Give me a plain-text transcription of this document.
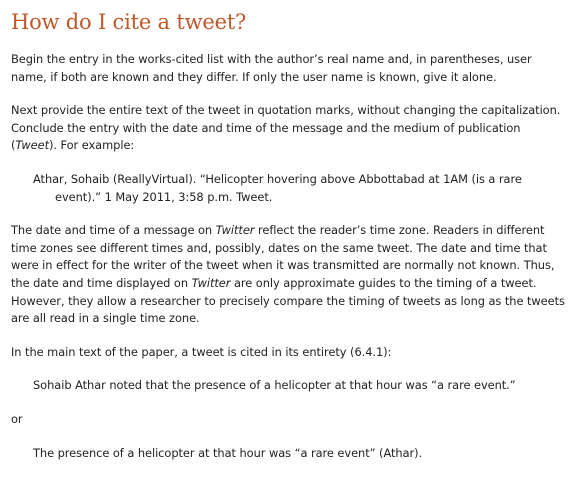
How do I cite a tweet?

Begin the entry in the works-cited list with the author’s real name and, in parentheses, user name, if both are known and they differ. If only the user name is known, give it alone.

Next provide the entire text of the tweet in quotation marks, without changing the capitalization. Conclude the entry with the date and time of the message and the medium of publication (Tweet). For example:

Athar, Sohaib (ReallyVirtual). “Helicopter hovering above Abbottabad at 1AM (is a rare
event).” 1 May 2011, 3:58 p.m. Tweet.

The date and time of a message on Twitter reflect the reader’s time zone. Readers in different time zones see different times and, possibly, dates on the same tweet. The date and time that were in effect for the writer of the tweet when it was transmitted are normally not known. Thus, the date and time displayed on Twitter are only approximate guides to the timing of a tweet. However, they allow a researcher to precisely compare the timing of tweets as long as the tweets are all read in a single time zone.

In the main text of the paper, a tweet is cited in its entirety (6.4.1):

Sohaib Athar noted that the presence of a helicopter at that hour was “a rare event.”

or

The presence of a helicopter at that hour was “a rare event” (Athar).
